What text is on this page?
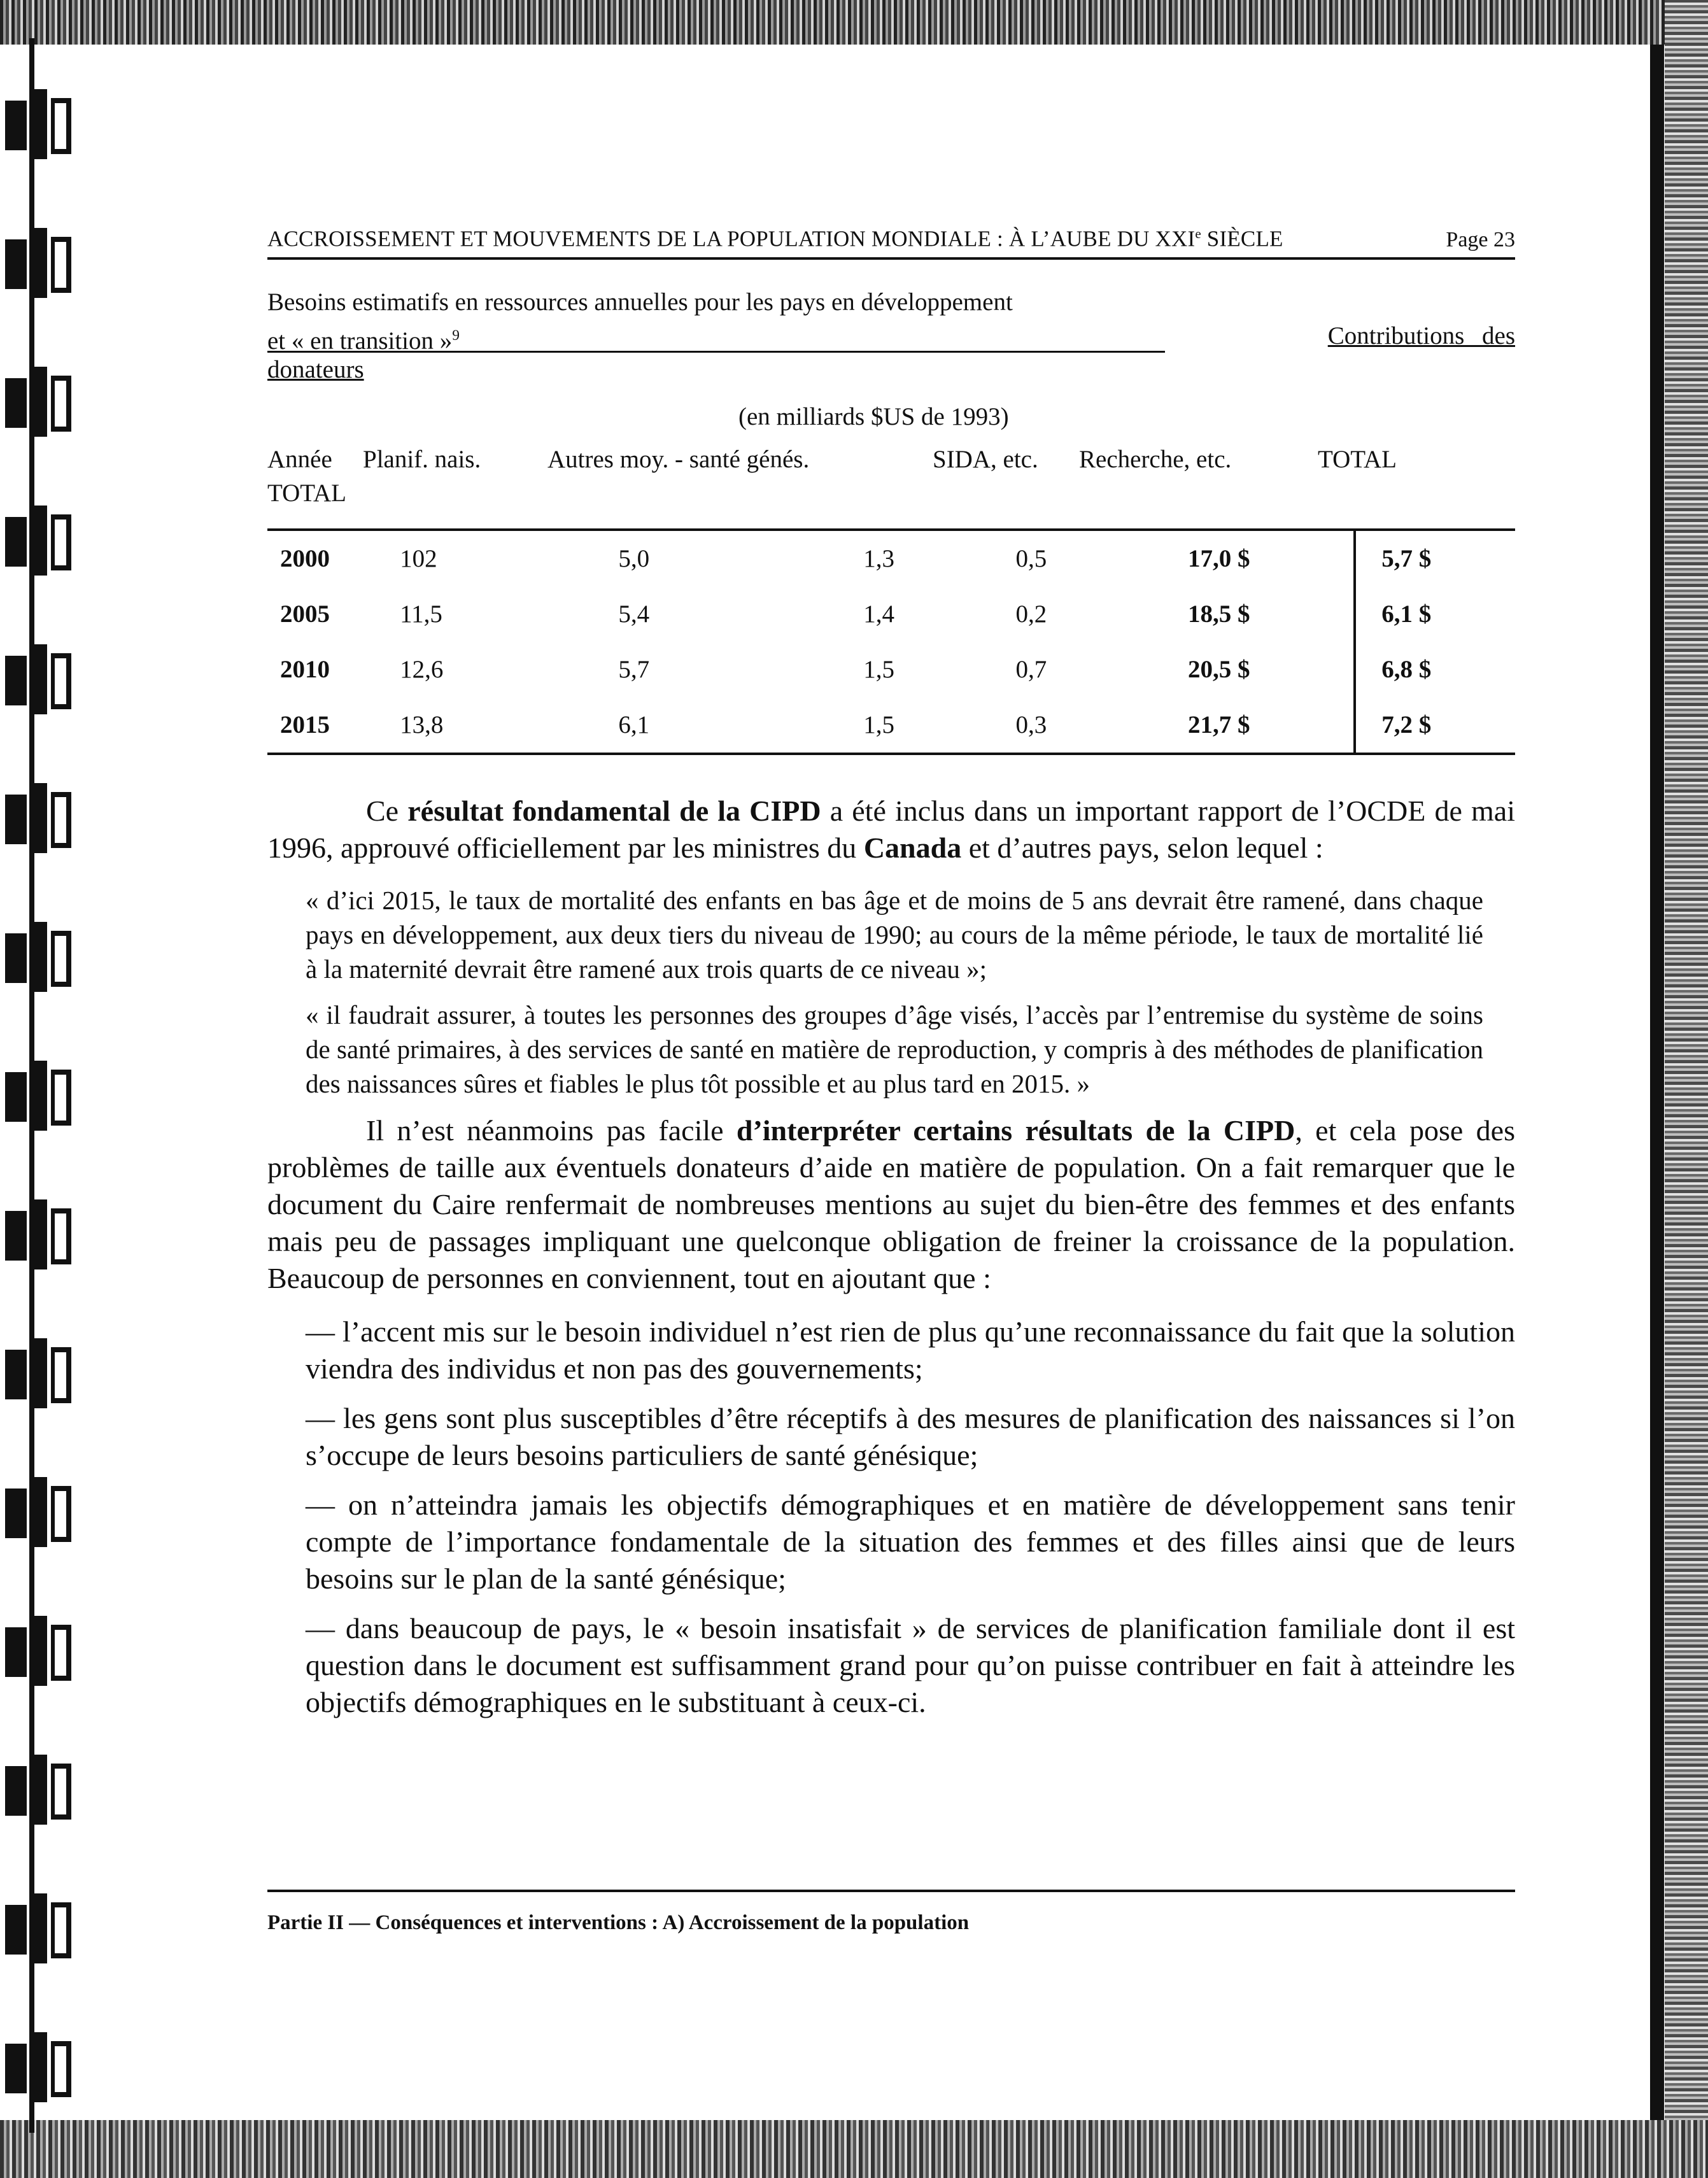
ACCROISSEMENT ET MOUVEMENTS DE LA POPULATION MONDIALE : À L’AUBE DU XXIe SIÈCLE	Page 23
Besoins estimatifs en ressources annuelles pour les pays en développement
et « en transition »$^9$	Contributions des
donateurs
(en milliards $US de 1993)
Année Planif. nais.	Autres moy. - santé génés.	SIDA, etc. Recherche, etc.	TOTAL
TOTAL
2000	102	5,0	1,3	0,5	17,0 $	5,7 $
2005	11,5	5,4	1,4	0,2	18,5 $	6,1 $
2010	12,6	5,7	1,5	0,7	20,5 $	6,8 $
2015	13,8	6,1	1,5	0,3	21,7 $	7,2 $

Ce résultat fondamental de la CIPD a été inclus dans un important rapport de l’OCDE de mai 1996, approuvé officiellement par les ministres du Canada et d’autres pays, selon lequel :

« d’ici 2015, le taux de mortalité des enfants en bas âge et de moins de 5 ans devrait être ramené, dans chaque pays en développement, aux deux tiers du niveau de 1990; au cours de la même période, le taux de mortalité lié à la maternité devrait être ramené aux trois quarts de ce niveau »;

« il faudrait assurer, à toutes les personnes des groupes d’âge visés, l’accès par l’entremise du système de soins de santé primaires, à des services de santé en matière de reproduction, y compris à des méthodes de planification des naissances sûres et fiables le plus tôt possible et au plus tard en 2015. »

Il n’est néanmoins pas facile d’interpréter certains résultats de la CIPD, et cela pose des problèmes de taille aux éventuels donateurs d’aide en matière de population. On a fait remarquer que le document du Caire renfermait de nombreuses mentions au sujet du bien-être des femmes et des enfants mais peu de passages impliquant une quelconque obligation de freiner la croissance de la population. Beaucoup de personnes en conviennent, tout en ajoutant que :

— l’accent mis sur le besoin individuel n’est rien de plus qu’une reconnaissance du fait que la solution viendra des individus et non pas des gouvernements;

— les gens sont plus susceptibles d’être réceptifs à des mesures de planification des naissances si l’on s’occupe de leurs besoins particuliers de santé génésique;

— on n’atteindra jamais les objectifs démographiques et en matière de développement sans tenir compte de l’importance fondamentale de la situation des femmes et des filles ainsi que de leurs besoins sur le plan de la santé génésique;

— dans beaucoup de pays, le « besoin insatisfait » de services de planification familiale dont il est question dans le document est suffisamment grand pour qu’on puisse contribuer en fait à atteindre les objectifs démographiques en le substituant à ceux-ci.

Partie II — Conséquences et interventions : A) Accroissement de la population
